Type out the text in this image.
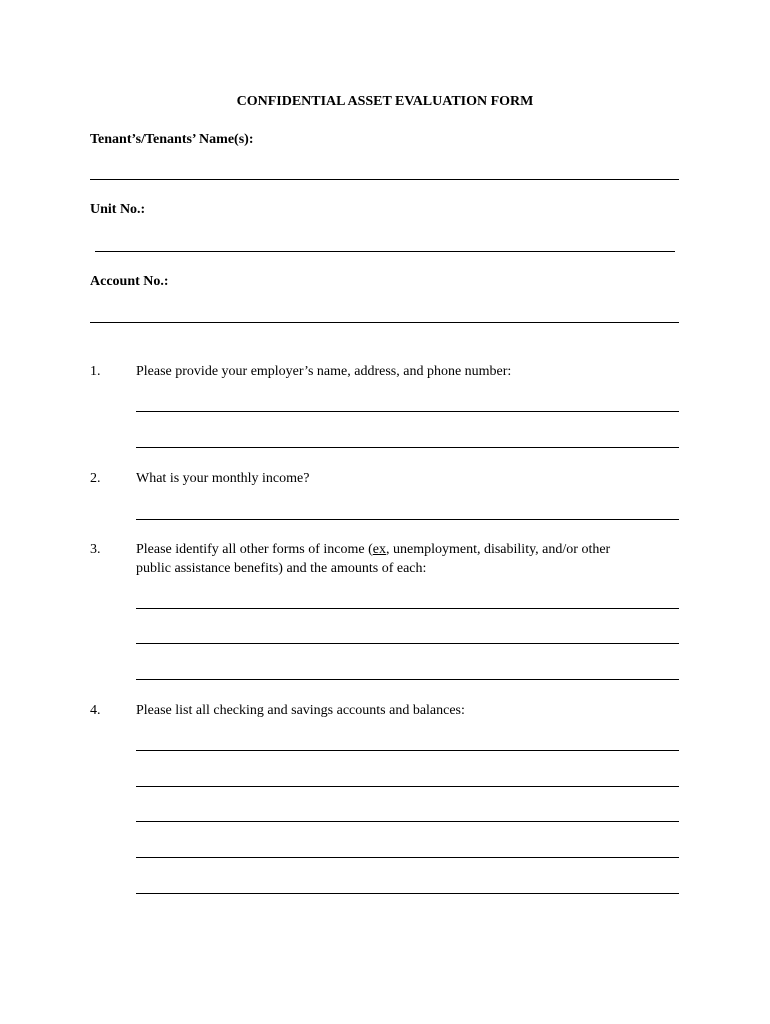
CONFIDENTIAL ASSET EVALUATION FORM
Tenant’s/Tenants’ Name(s):
Unit No.:
Account No.:
1.	Please provide your employer’s name, address, and phone number:
2.	What is your monthly income?
3.	Please identify all other forms of income (ex, unemployment, disability, and/or other
public assistance benefits) and the amounts of each:
4.	Please list all checking and savings accounts and balances:
